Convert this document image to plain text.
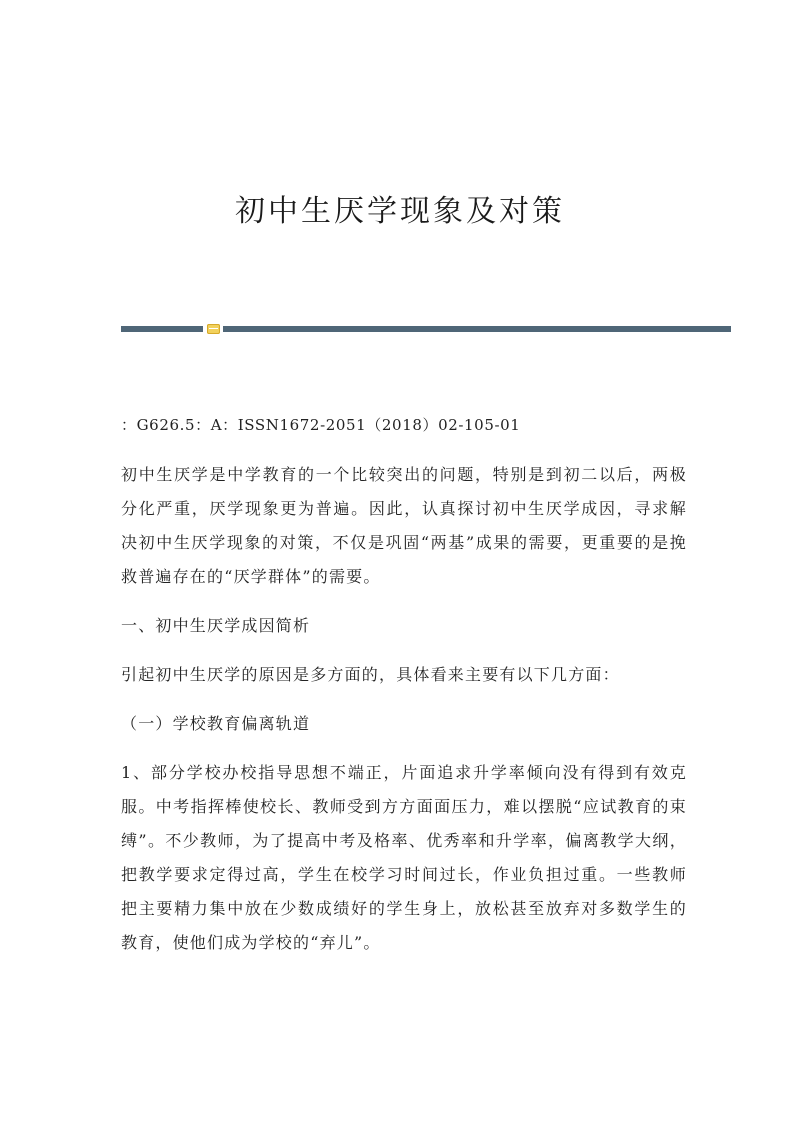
初中生厌学现象及对策

：G626.5：A：ISSN1672-2051（2018）02-105-01

初中生厌学是中学教育的一个比较突出的问题，特别是到初二以后，两极分化严重，厌学现象更为普遍。因此，认真探讨初中生厌学成因，寻求解决初中生厌学现象的对策，不仅是巩固“两基”成果的需要，更重要的是挽救普遍存在的“厌学群体”的需要。

一、初中生厌学成因简析

引起初中生厌学的原因是多方面的，具体看来主要有以下几方面：

（一）学校教育偏离轨道

1、部分学校办校指导思想不端正，片面追求升学率倾向没有得到有效克服。中考指挥棒使校长、教师受到方方面面压力，难以摆脱“应试教育的束缚”。不少教师，为了提高中考及格率、优秀率和升学率，偏离教学大纲，把教学要求定得过高，学生在校学习时间过长，作业负担过重。一些教师把主要精力集中放在少数成绩好的学生身上，放松甚至放弃对多数学生的教育，使他们成为学校的“弃儿”。
